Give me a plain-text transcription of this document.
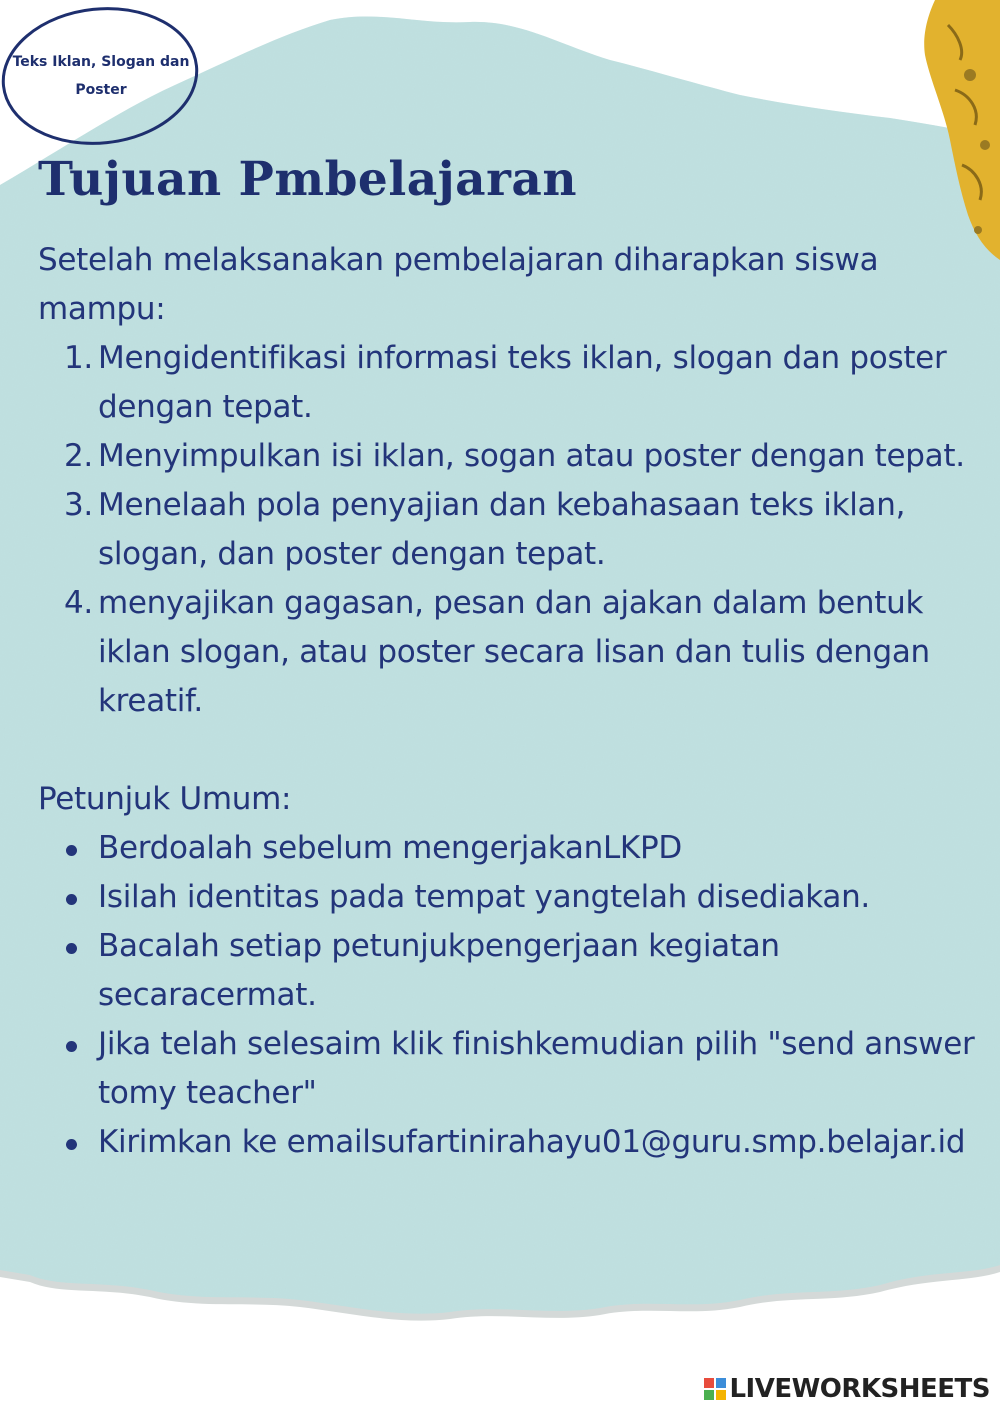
Teks Iklan, Slogan dan Poster
Tujuan Pmbelajaran

Setelah melaksanakan pembelajaran diharapkan siswa mampu:

1. Mengidentifikasi informasi teks iklan, slogan dan poster dengan tepat.
2. Menyimpulkan isi iklan, sogan atau poster dengan tepat.
3. Menelaah pola penyajian dan kebahasaan teks iklan, slogan, dan poster dengan tepat.
4. menyajikan gagasan, pesan dan ajakan dalam bentuk iklan slogan, atau poster secara lisan dan tulis dengan kreatif.

Petunjuk Umum:

Berdoalah sebelum mengerjakanLKPD
Isilah identitas pada tempat yangtelah disediakan.
Bacalah setiap petunjukpengerjaan kegiatan secaracermat.
Jika telah selesaim klik finishkemudian pilih "send answer tomy teacher"
Kirimkan ke emailsufartinirahayu01@guru.smp.belajar.id
LIVEWORKSHEETS
